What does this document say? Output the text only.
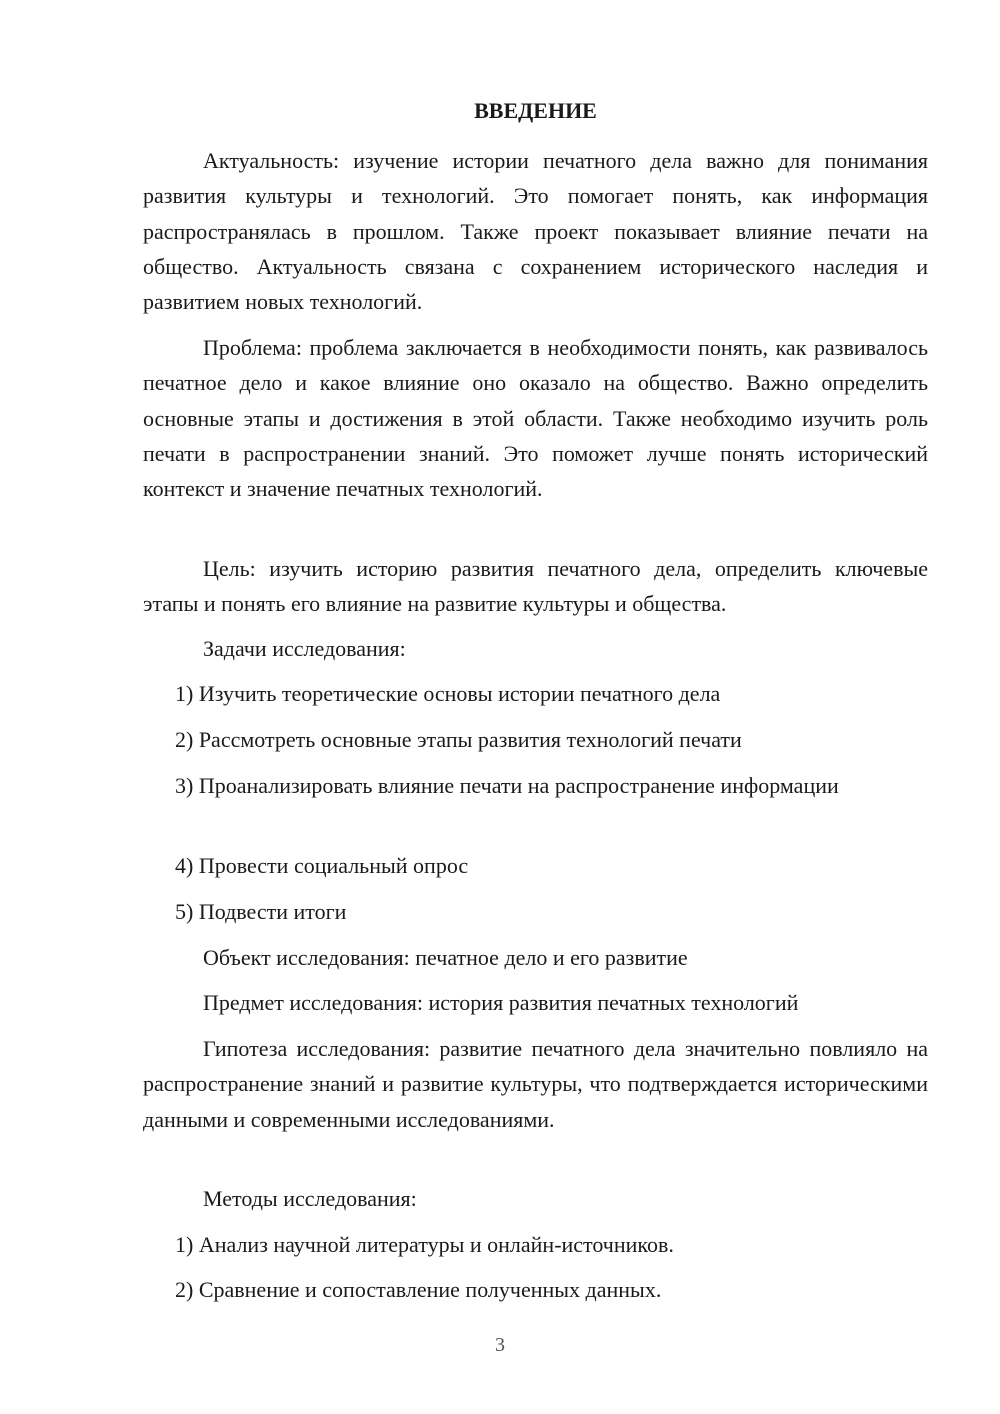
ВВЕДЕНИЕ

Актуальность: изучение истории печатного дела важно для понимания развития культуры и технологий. Это помогает понять, как информация распространялась в прошлом. Также проект показывает влияние печати на общество. Актуальность связана с сохранением исторического наследия и развитием новых технологий.

Проблема: проблема заключается в необходимости понять, как развивалось печатное дело и какое влияние оно оказало на общество. Важно определить основные этапы и достижения в этой области. Также необходимо изучить роль печати в распространении знаний. Это поможет лучше понять исторический контекст и значение печатных технологий.

Цель: изучить историю развития печатного дела, определить ключевые этапы и понять его влияние на развитие культуры и общества.

Задачи исследования:

1) Изучить теоретические основы истории печатного дела

2) Рассмотреть основные этапы развития технологий печати

3) Проанализировать влияние печати на распространение информации

4) Провести социальный опрос

5) Подвести итоги

Объект исследования: печатное дело и его развитие

Предмет исследования: история развития печатных технологий

Гипотеза исследования: развитие печатного дела значительно повлияло на распространение знаний и развитие культуры, что подтверждается историческими данными и современными исследованиями.

Методы исследования:

1) Анализ научной литературы и онлайн-источников.

2) Сравнение и сопоставление полученных данных.

3
